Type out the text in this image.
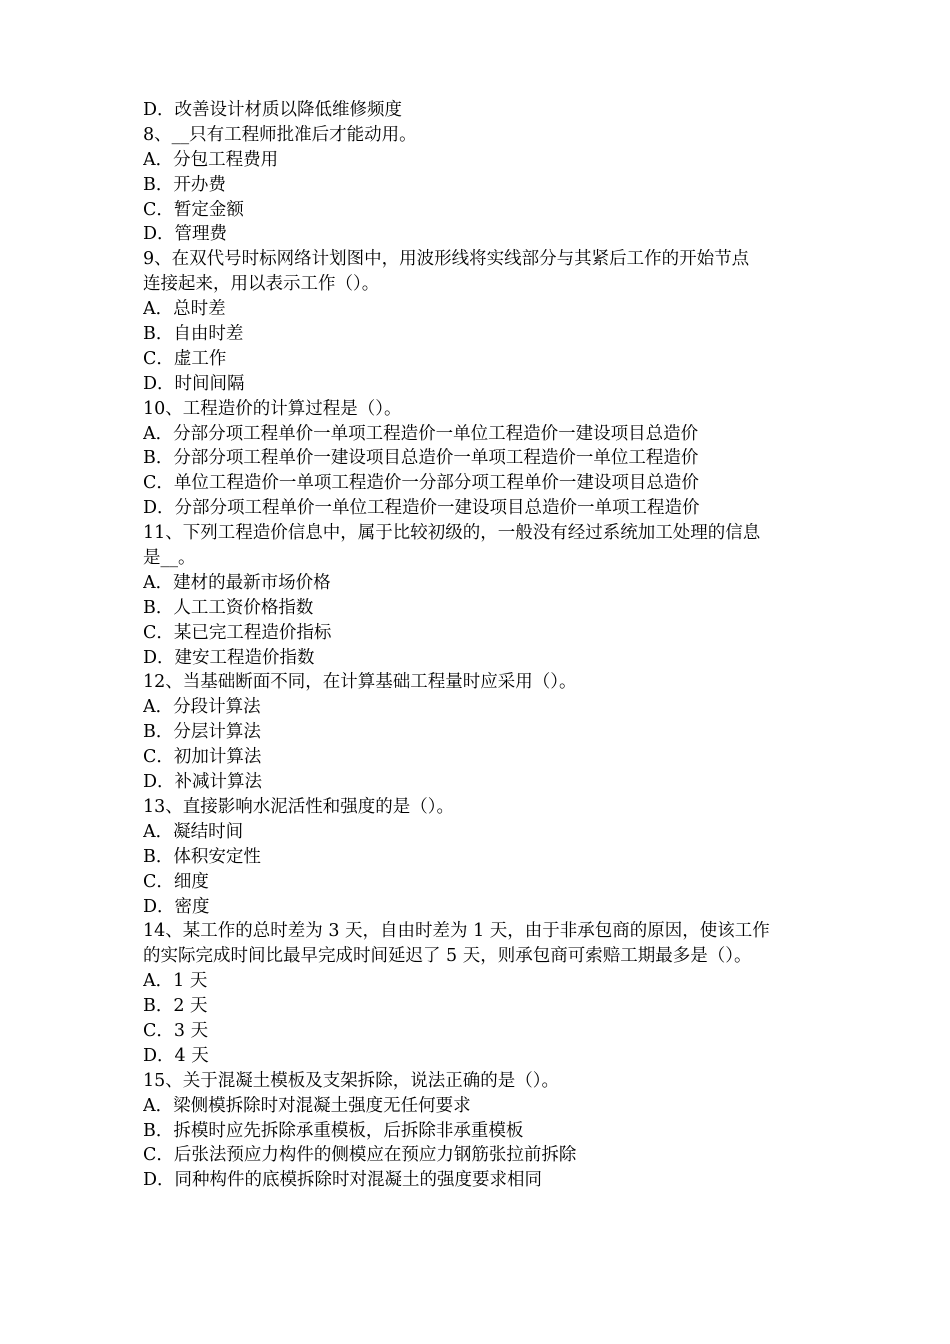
D．改善设计材质以降低维修频度
8、__只有工程师批准后才能动用。
A．分包工程费用
B．开办费
C．暂定金额
D．管理费
9、在双代号时标网络计划图中，用波形线将实线部分与其紧后工作的开始节点
连接起来，用以表示工作（）。
A．总时差
B．自由时差
C．虚工作
D．时间间隔
10、工程造价的计算过程是（）。
A．分部分项工程单价一单项工程造价一单位工程造价一建设项目总造价
B．分部分项工程单价一建设项目总造价一单项工程造价一单位工程造价
C．单位工程造价一单项工程造价一分部分项工程单价一建设项目总造价
D．分部分项工程单价一单位工程造价一建设项目总造价一单项工程造价
11、下列工程造价信息中，属于比较初级的，一般没有经过系统加工处理的信息
是__。
A．建材的最新市场价格
B．人工工资价格指数
C．某已完工程造价指标
D．建安工程造价指数
12、当基础断面不同，在计算基础工程量时应采用（）。
A．分段计算法
B．分层计算法
C．初加计算法
D．补减计算法
13、直接影响水泥活性和强度的是（）。
A．凝结时间
B．体积安定性
C．细度
D．密度
14、某工作的总时差为 3 天，自由时差为 1 天，由于非承包商的原因，使该工作
的实际完成时间比最早完成时间延迟了 5 天，则承包商可索赔工期最多是（）。
A．1 天
B．2 天
C．3 天
D．4 天
15、关于混凝土模板及支架拆除，说法正确的是（）。
A．梁侧模拆除时对混凝土强度无任何要求
B．拆模时应先拆除承重模板，后拆除非承重模板
C．后张法预应力构件的侧模应在预应力钢筋张拉前拆除
D．同种构件的底模拆除时对混凝土的强度要求相同
